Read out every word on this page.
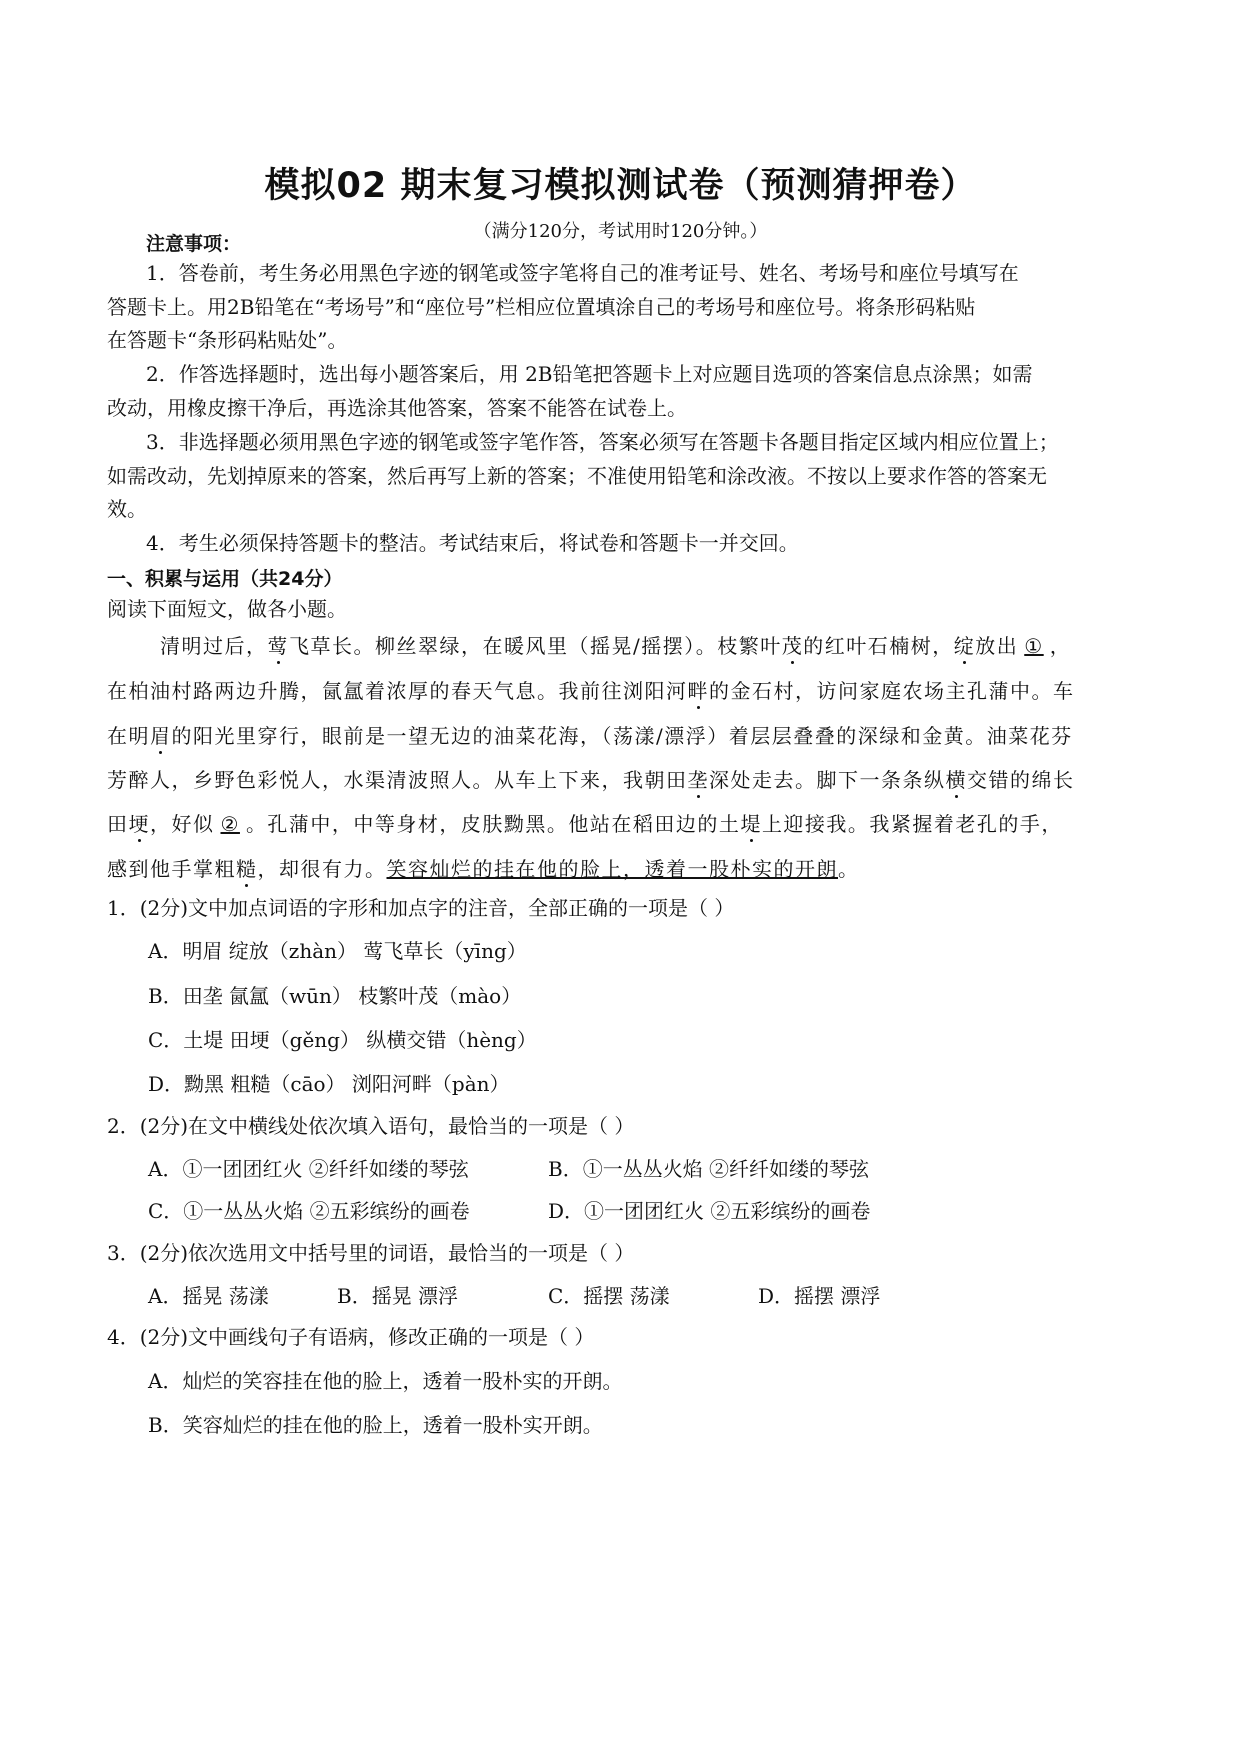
模拟02 期末复习模拟测试卷（预测猜押卷）
（满分120分，考试用时120分钟。）
注意事项：
1．答卷前，考生务必用黑色字迹的钢笔或签字笔将自己的准考证号、姓名、考场号和座位号填写在
答题卡上。用2B铅笔在“考场号”和“座位号”栏相应位置填涂自己的考场号和座位号。将条形码粘贴
在答题卡“条形码粘贴处”。
2．作答选择题时，选出每小题答案后，用 2B铅笔把答题卡上对应题目选项的答案信息点涂黑；如需
改动，用橡皮擦干净后，再选涂其他答案，答案不能答在试卷上。
3．非选择题必须用黑色字迹的钢笔或签字笔作答，答案必须写在答题卡各题目指定区域内相应位置上；
如需改动，先划掉原来的答案，然后再写上新的答案；不准使用铅笔和涂改液。不按以上要求作答的答案无
效。
4．考生必须保持答题卡的整洁。考试结束后，将试卷和答题卡一并交回。
一、积累与运用（共24分）
阅读下面短文，做各小题。
清明过后，莺飞草长。柳丝翠绿，在暖风里（摇晃/摇摆）。枝繁叶茂的红叶石楠树，绽放出 ① ，
在柏油村路两边升腾，氤氲着浓厚的春天气息。我前往浏阳河畔的金石村，访问家庭农场主孔蒲中。车
在明眉的阳光里穿行，眼前是一望无边的油菜花海，（荡漾/漂浮）着层层叠叠的深绿和金黄。油菜花芬
芳醉人，乡野色彩悦人，水渠清波照人。从车上下来，我朝田垄深处走去。脚下一条条纵横交错的绵长
田埂，好似 ② 。孔蒲中，中等身材，皮肤黝黑。他站在稻田边的土堤上迎接我。我紧握着老孔的手，
感到他手掌粗糙，却很有力。笑容灿烂的挂在他的脸上，透着一股朴实的开朗。
1．(2分)文中加点词语的字形和加点字的注音，全部正确的一项是（ ）
A．明眉 绽放（zhàn） 莺飞草长（yīng）
B．田垄 氤氲（wūn） 枝繁叶茂（mào）
C．土堤 田埂（gěng） 纵横交错（hèng）
D．黝黑 粗糙（cāo） 浏阳河畔（pàn）
2．(2分)在文中横线处依次填入语句，最恰当的一项是（ ）
A．①一团团红火 ②纤纤如缕的琴弦	B．①一丛丛火焰 ②纤纤如缕的琴弦
C．①一丛丛火焰 ②五彩缤纷的画卷	D．①一团团红火 ②五彩缤纷的画卷
3．(2分)依次选用文中括号里的词语，最恰当的一项是（ ）
A．摇晃 荡漾	B．摇晃 漂浮	C．摇摆 荡漾	D．摇摆 漂浮
4．(2分)文中画线句子有语病，修改正确的一项是（ ）
A．灿烂的笑容挂在他的脸上，透着一股朴实的开朗。
B．笑容灿烂的挂在他的脸上，透着一股朴实开朗。
